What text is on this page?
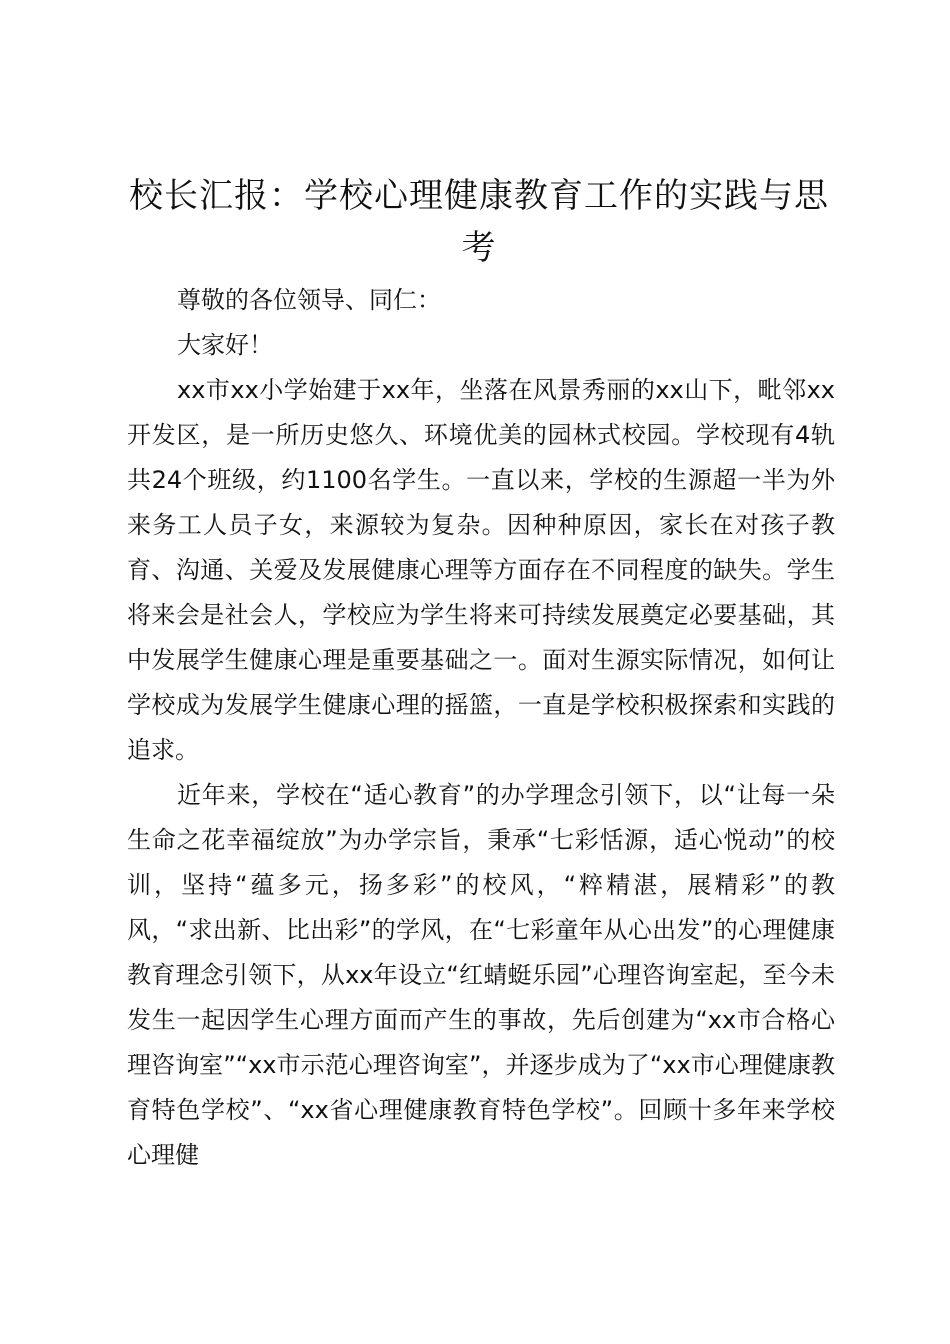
校长汇报：学校心理健康教育工作的实践与思考

尊敬的各位领导、同仁：

大家好！

xx市xx小学始建于xx年，坐落在风景秀丽的xx山下，毗邻xx开发区，是一所历史悠久、环境优美的园林式校园。学校现有4轨共24个班级，约1100名学生。一直以来，学校的生源超一半为外来务工人员子女，来源较为复杂。因种种原因，家长在对孩子教育、沟通、关爱及发展健康心理等方面存在不同程度的缺失。学生将来会是社会人，学校应为学生将来可持续发展奠定必要基础，其中发展学生健康心理是重要基础之一。面对生源实际情况，如何让学校成为发展学生健康心理的摇篮，一直是学校积极探索和实践的追求。

近年来，学校在“适心教育”的办学理念引领下，以“让每一朵生命之花幸福绽放”为办学宗旨，秉承“七彩恬源，适心悦动”的校训，坚持“蕴多元，扬多彩”的校风，“粹精湛，展精彩”的教风，“求出新、比出彩”的学风，在“七彩童年从心出发”的心理健康教育理念引领下，从xx年设立“红蜻蜓乐园”心理咨询室起，至今未发生一起因学生心理方面而产生的事故，先后创建为“xx市合格心理咨询室”“xx市示范心理咨询室”，并逐步成为了“xx市心理健康教育特色学校”、“xx省心理健康教育特色学校”。回顾十多年来学校心理健
